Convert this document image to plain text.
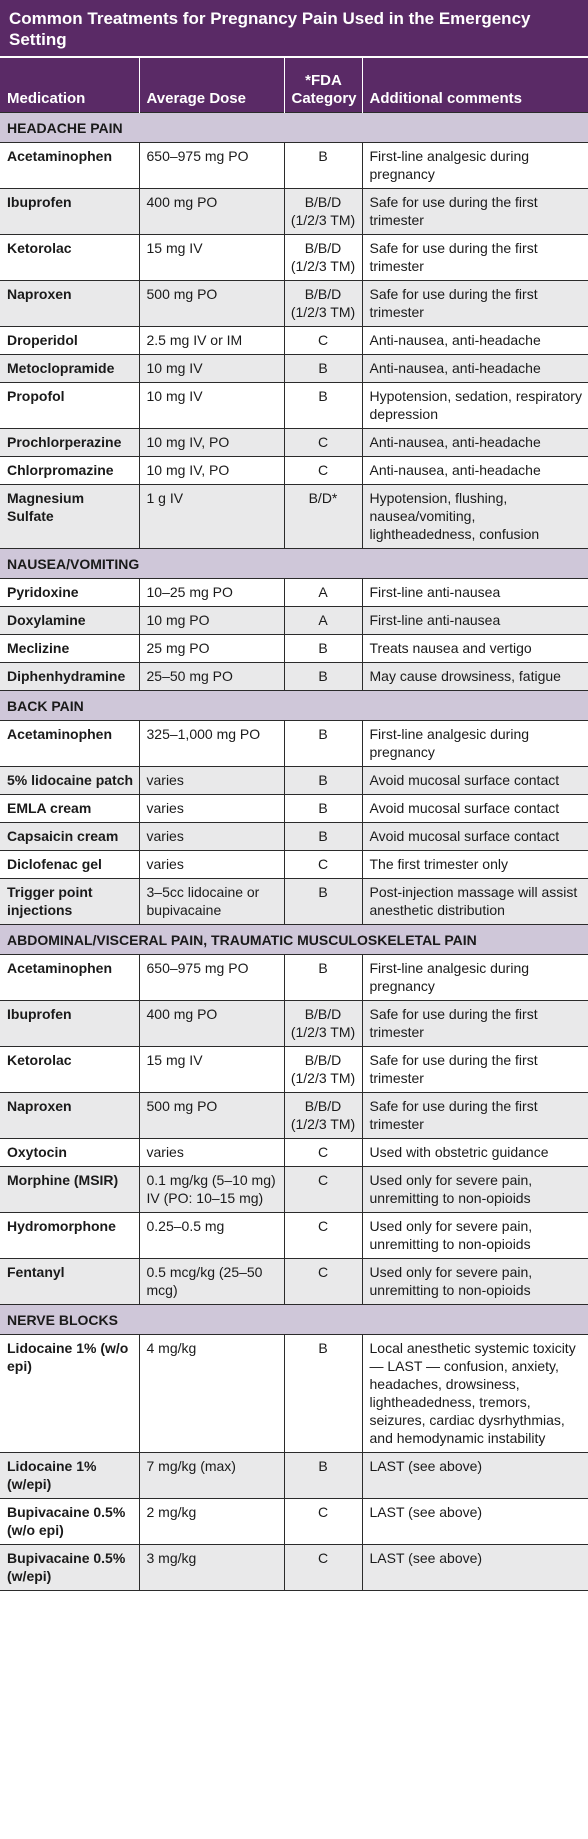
Common Treatments for Pregnancy Pain Used in the Emergency Setting
Medication	Average Dose	*FDA Category	Additional comments
HEADACHE PAIN			
Acetaminophen	650–975 mg PO	B	First-line analgesic during pregnancy
Ibuprofen	400 mg PO	B/B/D (1/2/3 TM)	Safe for use during the first trimester
Ketorolac	15 mg IV	B/B/D (1/2/3 TM)	Safe for use during the first trimester
Naproxen	500 mg PO	B/B/D (1/2/3 TM)	Safe for use during the first trimester
Droperidol	2.5 mg IV or IM	C	Anti-nausea, anti-headache
Metoclopramide	10 mg IV	B	Anti-nausea, anti-headache
Propofol	10 mg IV	B	Hypotension, sedation, respiratory depression
Prochlorperazine	10 mg IV, PO	C	Anti-nausea, anti-headache
Chlorpromazine	10 mg IV, PO	C	Anti-nausea, anti-headache
Magnesium Sulfate	1 g IV	B/D*	Hypotension, flushing, nausea/vomiting, lightheadedness, confusion
NAUSEA/VOMITING			
Pyridoxine	10–25 mg PO	A	First-line anti-nausea
Doxylamine	10 mg PO	A	First-line anti-nausea
Meclizine	25 mg PO	B	Treats nausea and vertigo
Diphenhydramine	25–50 mg PO	B	May cause drowsiness, fatigue
BACK PAIN			
Acetaminophen	325–1,000 mg PO	B	First-line analgesic during pregnancy
5% lidocaine patch	varies	B	Avoid mucosal surface contact
EMLA cream	varies	B	Avoid mucosal surface contact
Capsaicin cream	varies	B	Avoid mucosal surface contact
Diclofenac gel	varies	C	The first trimester only
Trigger point injections	3–5cc lidocaine or bupivacaine	B	Post-injection massage will assist anesthetic distribution
ABDOMINAL/VISCERAL PAIN, TRAUMATIC MUSCULOSKELETAL PAIN			
Acetaminophen	650–975 mg PO	B	First-line analgesic during pregnancy
Ibuprofen	400 mg PO	B/B/D (1/2/3 TM)	Safe for use during the first trimester
Ketorolac	15 mg IV	B/B/D (1/2/3 TM)	Safe for use during the first trimester
Naproxen	500 mg PO	B/B/D (1/2/3 TM)	Safe for use during the first trimester
Oxytocin	varies	C	Used with obstetric guidance
Morphine (MSIR)	0.1 mg/kg (5–10 mg) IV (PO: 10–15 mg)	C	Used only for severe pain, unremitting to non-opioids
Hydromorphone	0.25–0.5 mg	C	Used only for severe pain, unremitting to non-opioids
Fentanyl	0.5 mcg/kg (25–50 mcg)	C	Used only for severe pain, unremitting to non-opioids
NERVE BLOCKS			
Lidocaine 1% (w/o epi)	4 mg/kg	B	Local anesthetic systemic toxicity — LAST — confusion, anxiety, headaches, drowsiness, lightheadedness, tremors, seizures, cardiac dysrhythmias, and hemodynamic instability
Lidocaine 1% (w/epi)	7 mg/kg (max)	B	LAST (see above)
Bupivacaine 0.5% (w/o epi)	2 mg/kg	C	LAST (see above)
Bupivacaine 0.5% (w/epi)	3 mg/kg	C	LAST (see above)
